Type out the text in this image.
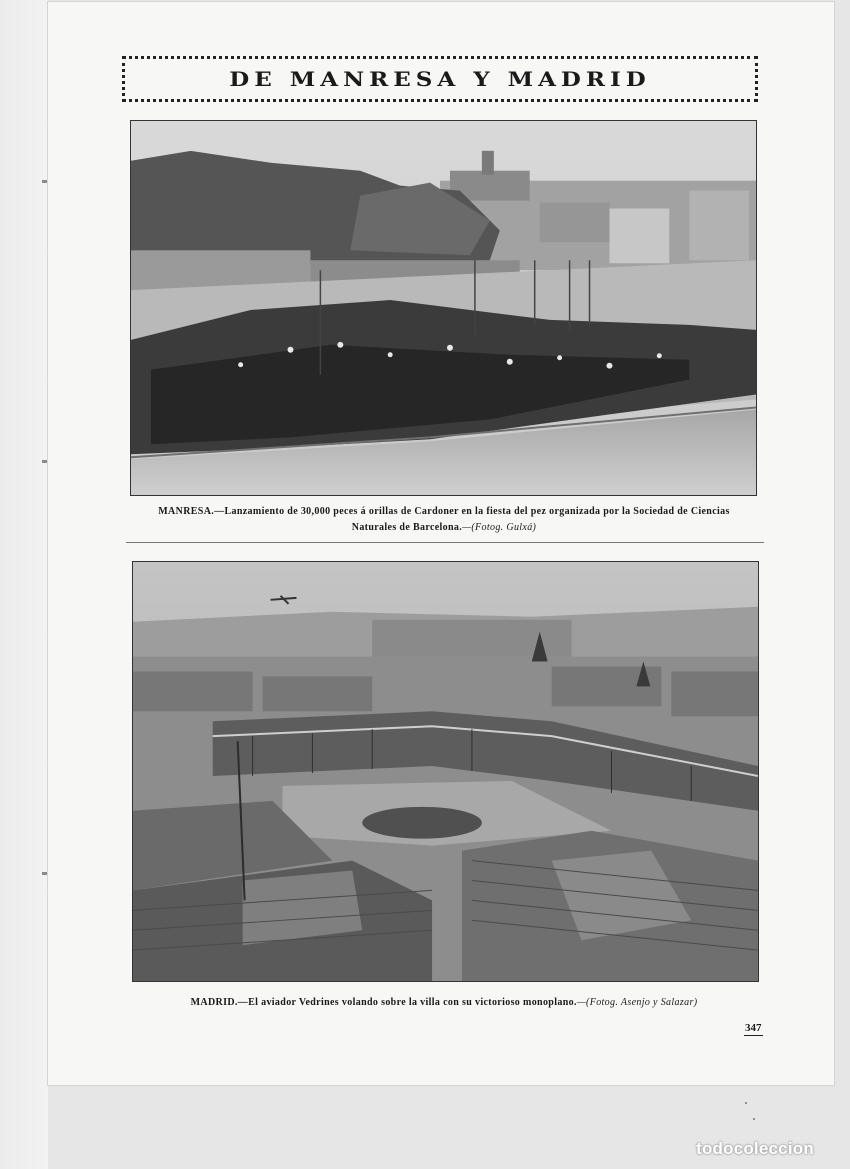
DE MANRESA Y MADRID
MANRESA.—Lanzamiento de 30,000 peces á orillas de Cardoner en la fiesta del pez organizada por la Sociedad de Ciencias Naturales de Barcelona.—(Fotog. Gulxá)
MADRID.—El aviador Vedrines volando sobre la villa con su victorioso monoplano.—(Fotog. Asenjo y Salazar)
347
todocoleccion
